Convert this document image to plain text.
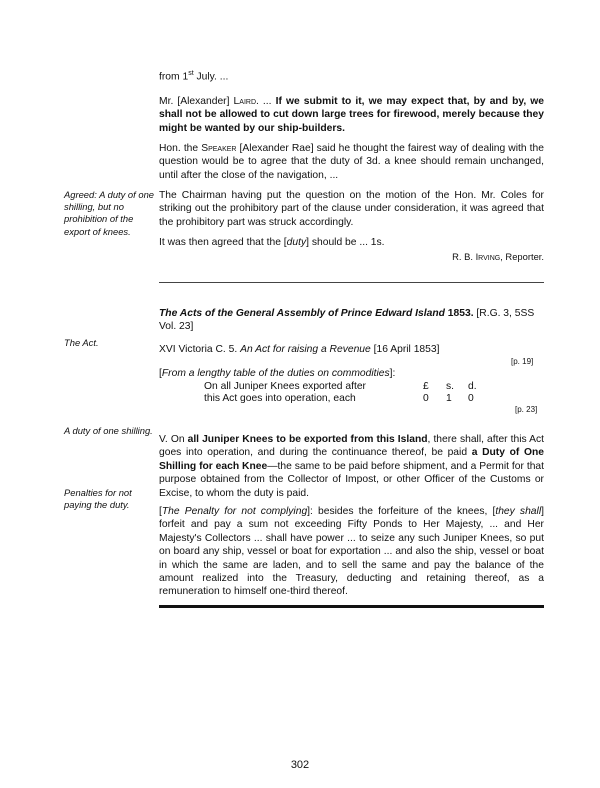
from 1st July. ...

Mr. [Alexander] Laird. ... If we submit to it, we may expect that, by and by, we shall not be allowed to cut down large trees for firewood, merely because they might be wanted by our ship-builders.

Hon. the Speaker [Alexander Rae] said he thought the fairest way of dealing with the question would be to agree that the duty of 3d. a knee should remain unchanged, until after the close of the navigation, ...

The Chairman having put the question on the motion of the Hon. Mr. Coles for striking out the prohibitory part of the clause under consideration, it was agreed that the prohibitory part was struck accordingly.

It was then agreed that the [duty] should be ... 1s.

R. B. Irving, Reporter.

The Acts of the General Assembly of Prince Edward Island 1853. [R.G. 3, 5SS Vol. 23]

XVI Victoria C. 5. An Act for raising a Revenue [16 April 1853]

[p. 19]

[From a lengthy table of the duties on commodities]:

On all Juniper Knees exported after

this Act goes into operation, each

£ s. d.
0 1 0
[p. 23]

V. On all Juniper Knees to be exported from this Island, there shall, after this Act goes into operation, and during the continuance thereof, be paid a Duty of One Shilling for each Knee—the same to be paid before shipment, and a Permit for that purpose obtained from the Collector of Impost, or other Officer of the Customs or Excise, to whom the duty is paid.

[The Penalty for not complying]: besides the forfeiture of the knees, [they shall] forfeit and pay a sum not exceeding Fifty Ponds to Her Majesty, ... and Her Majesty's Collectors ... shall have power ... to seize any such Juniper Knees, so put on board any ship, vessel or boat for exportation ... and also the ship, vessel or boat in which the same are laden, and to sell the same and pay the balance of the amount realized into the Treasury, deducting and retaining thereof, as a remuneration to himself one-third thereof.

Agreed: A duty of one shilling, but no prohibition of the export of knees.

The Act.

A duty of one shilling.

Penalties for not paying the duty.

302
